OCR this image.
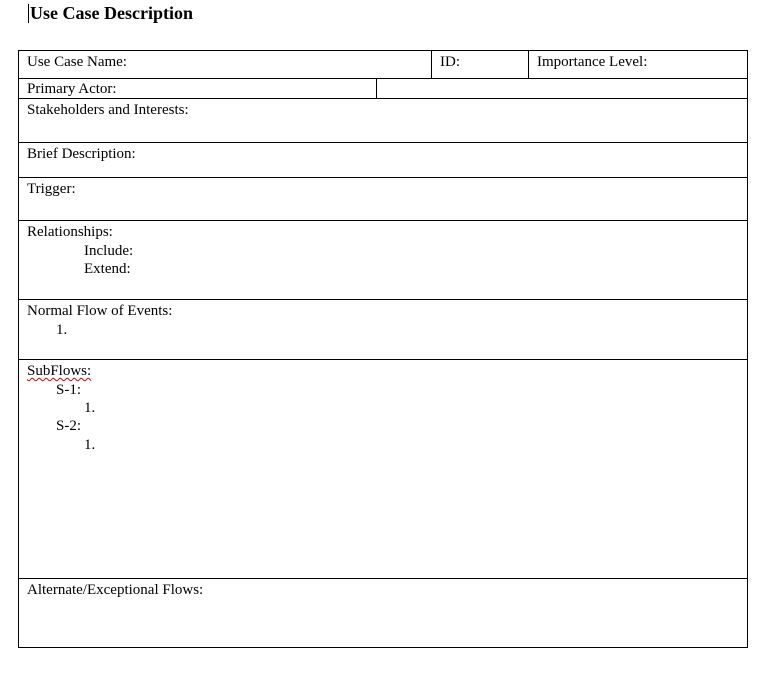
Use Case Description
Use Case Name:	ID:	Importance Level:
Primary Actor:
Stakeholders and Interests:
Brief Description:
Trigger:
Relationships:
Include:
Extend:
Normal Flow of Events:
1.
SubFlows:
S-1:
1.
S-2:
1.
Alternate/Exceptional Flows:
